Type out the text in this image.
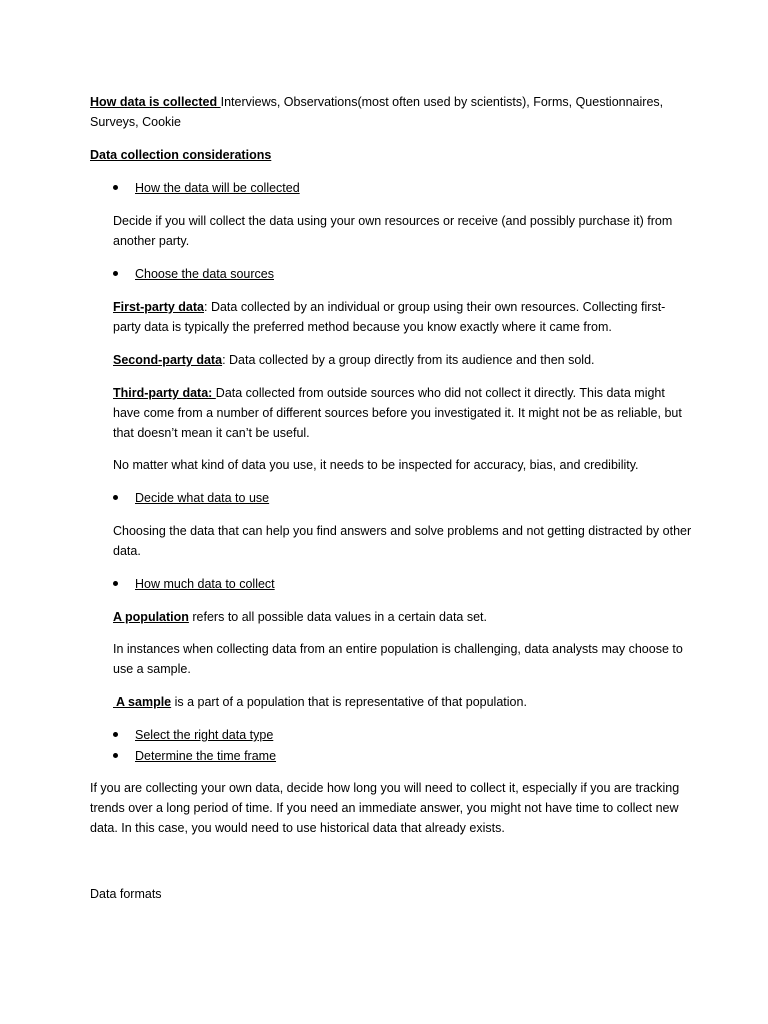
How data is collected Interviews, Observations(most often used by scientists), Forms, Questionnaires, Surveys, Cookie

Data collection considerations

How the data will be collected

Decide if you will collect the data using your own resources or receive (and possibly purchase it) from another party.

Choose the data sources

First-party data: Data collected by an individual or group using their own resources. Collecting first-party data is typically the preferred method because you know exactly where it came from.

Second-party data: Data collected by a group directly from its audience and then sold.

Third-party data: Data collected from outside sources who did not collect it directly. This data might have come from a number of different sources before you investigated it. It might not be as reliable, but that doesn’t mean it can’t be useful.

No matter what kind of data you use, it needs to be inspected for accuracy, bias, and credibility.

Decide what data to use

Choosing the data that can help you find answers and solve problems and not getting distracted by other data.

How much data to collect

A population refers to all possible data values in a certain data set.

In instances when collecting data from an entire population is challenging, data analysts may choose to use a sample.

A sample is a part of a population that is representative of that population.

Select the right data type
Determine the time frame

If you are collecting your own data, decide how long you will need to collect it, especially if you are tracking trends over a long period of time. If you need an immediate answer, you might not have time to collect new data. In this case, you would need to use historical data that already exists.

Data formats
